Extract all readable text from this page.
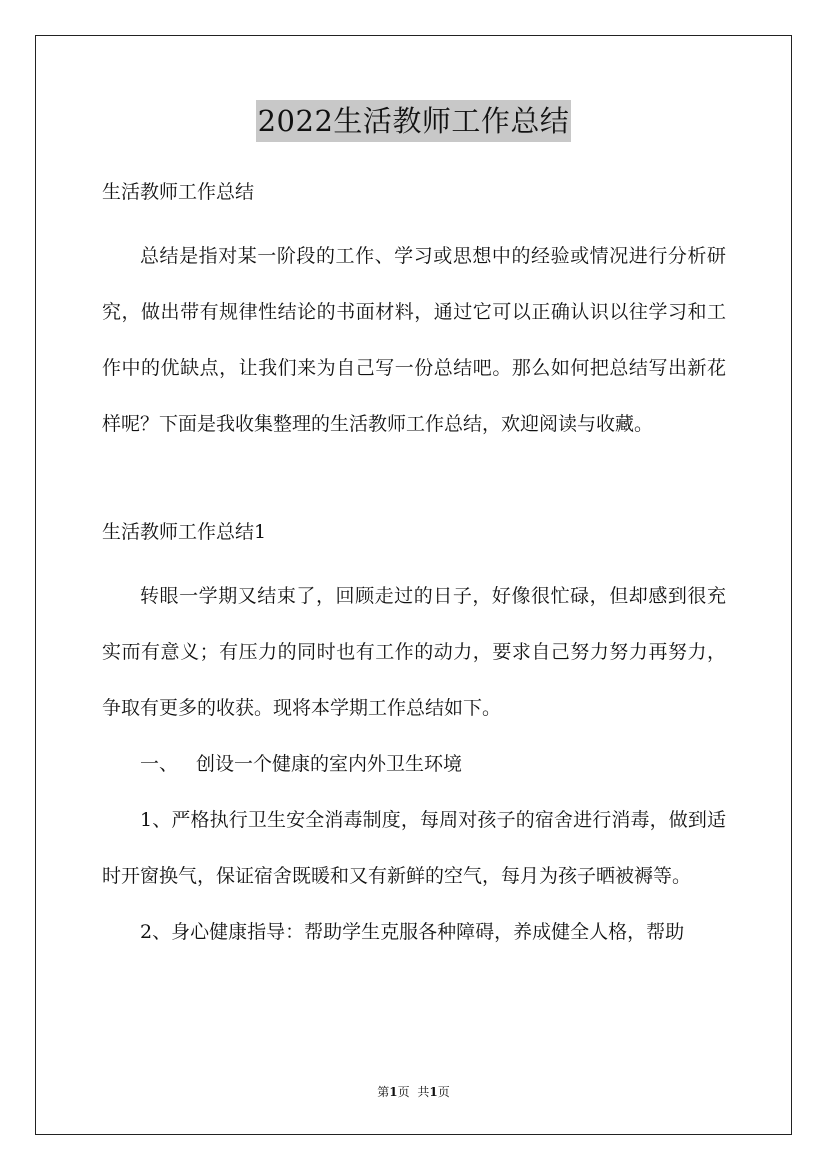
2022生活教师工作总结

生活教师工作总结

总结是指对某一阶段的工作、学习或思想中的经验或情况进行分析研究，做出带有规律性结论的书面材料，通过它可以正确认识以往学习和工作中的优缺点，让我们来为自己写一份总结吧。那么如何把总结写出新花样呢？下面是我收集整理的生活教师工作总结，欢迎阅读与收藏。

生活教师工作总结1

转眼一学期又结束了，回顾走过的日子，好像很忙碌，但却感到很充实而有意义；有压力的同时也有工作的动力，要求自己努力努力再努力，争取有更多的收获。现将本学期工作总结如下。

一、 创设一个健康的室内外卫生环境

1、严格执行卫生安全消毒制度，每周对孩子的宿舍进行消毒，做到适时开窗换气，保证宿舍既暖和又有新鲜的空气，每月为孩子晒被褥等。

2、身心健康指导：帮助学生克服各种障碍，养成健全人格，帮助

第1页 共1页
